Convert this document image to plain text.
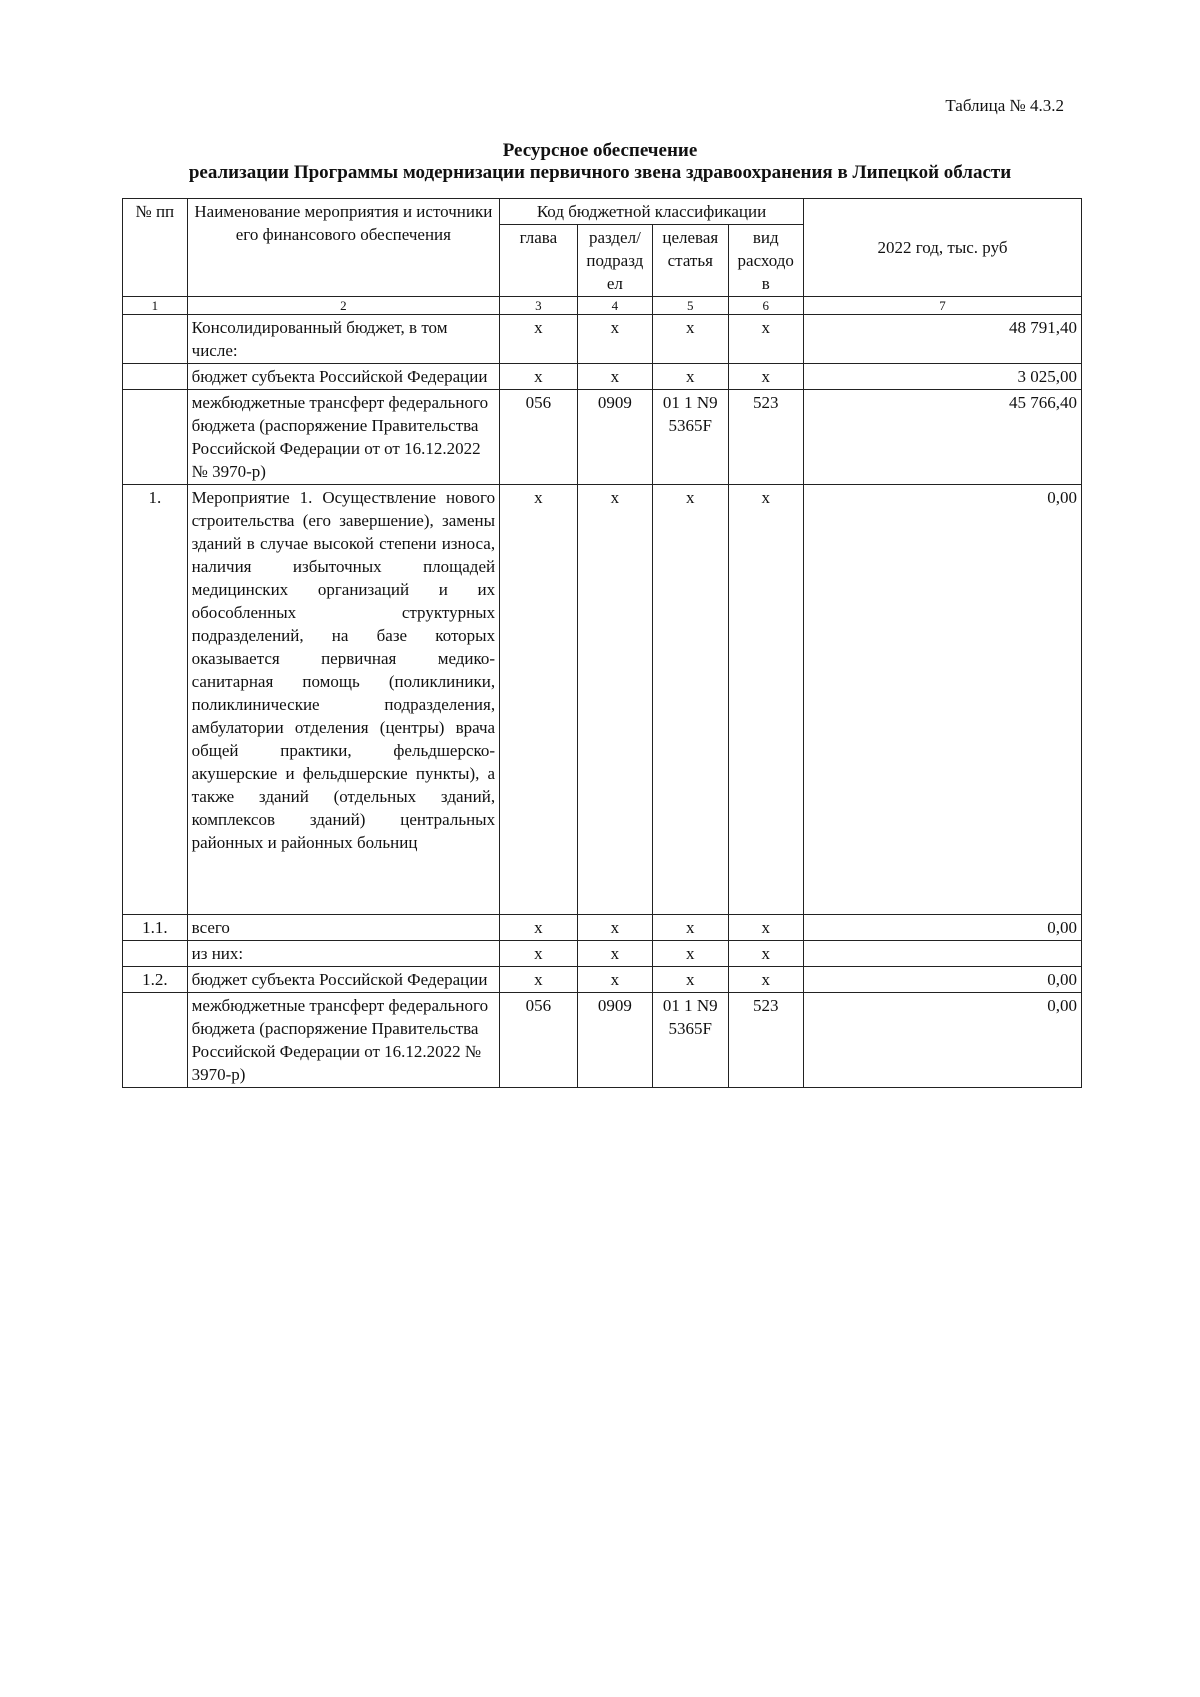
Таблица № 4.3.2
Ресурсное обеспечение
реализации Программы модернизации первичного звена здравоохранения в Липецкой области
№ пп	Наименование мероприятия и источники его финансового обеспечения	Код бюджетной классификации				2022 год, тыс. руб
		глава	раздел/ подразд ел	целевая статья	вид расходо в	
1	2	3	4	5	6	7
	Консолидированный бюджет, в том числе:	x	x	x	x	48 791,40
	бюджет субъекта Российской Федерации	x	x	x	x	3 025,00
	межбюджетные трансферт федерального бюджета (распоряжение Правительства Российской Федерации от от 16.12.2022 № 3970-р)	056	0909	01 1 N9 5365F	523	45 766,40
1.	Мероприятие 1. Осуществление нового строительства (его завершение), замены зданий в случае высокой степени износа, наличия избыточных площадей медицинских организаций и их обособленных структурных подразделений, на базе которых оказывается первичная медико-санитарная помощь (поликлиники, поликлинические подразделения, амбулатории отделения (центры) врача общей практики, фельдшерско-акушерские и фельдшерские пункты), а также зданий (отдельных зданий, комплексов зданий) центральных районных и районных больниц	x	x	x	x	0,00
1.1.	всего	x	x	x	x	0,00
	из них:	x	x	x	x	
1.2.	бюджет субъекта Российской Федерации	x	x	x	x	0,00
	межбюджетные трансферт федерального бюджета (распоряжение Правительства Российской Федерации от 16.12.2022 № 3970-р)	056	0909	01 1 N9 5365F	523	0,00
